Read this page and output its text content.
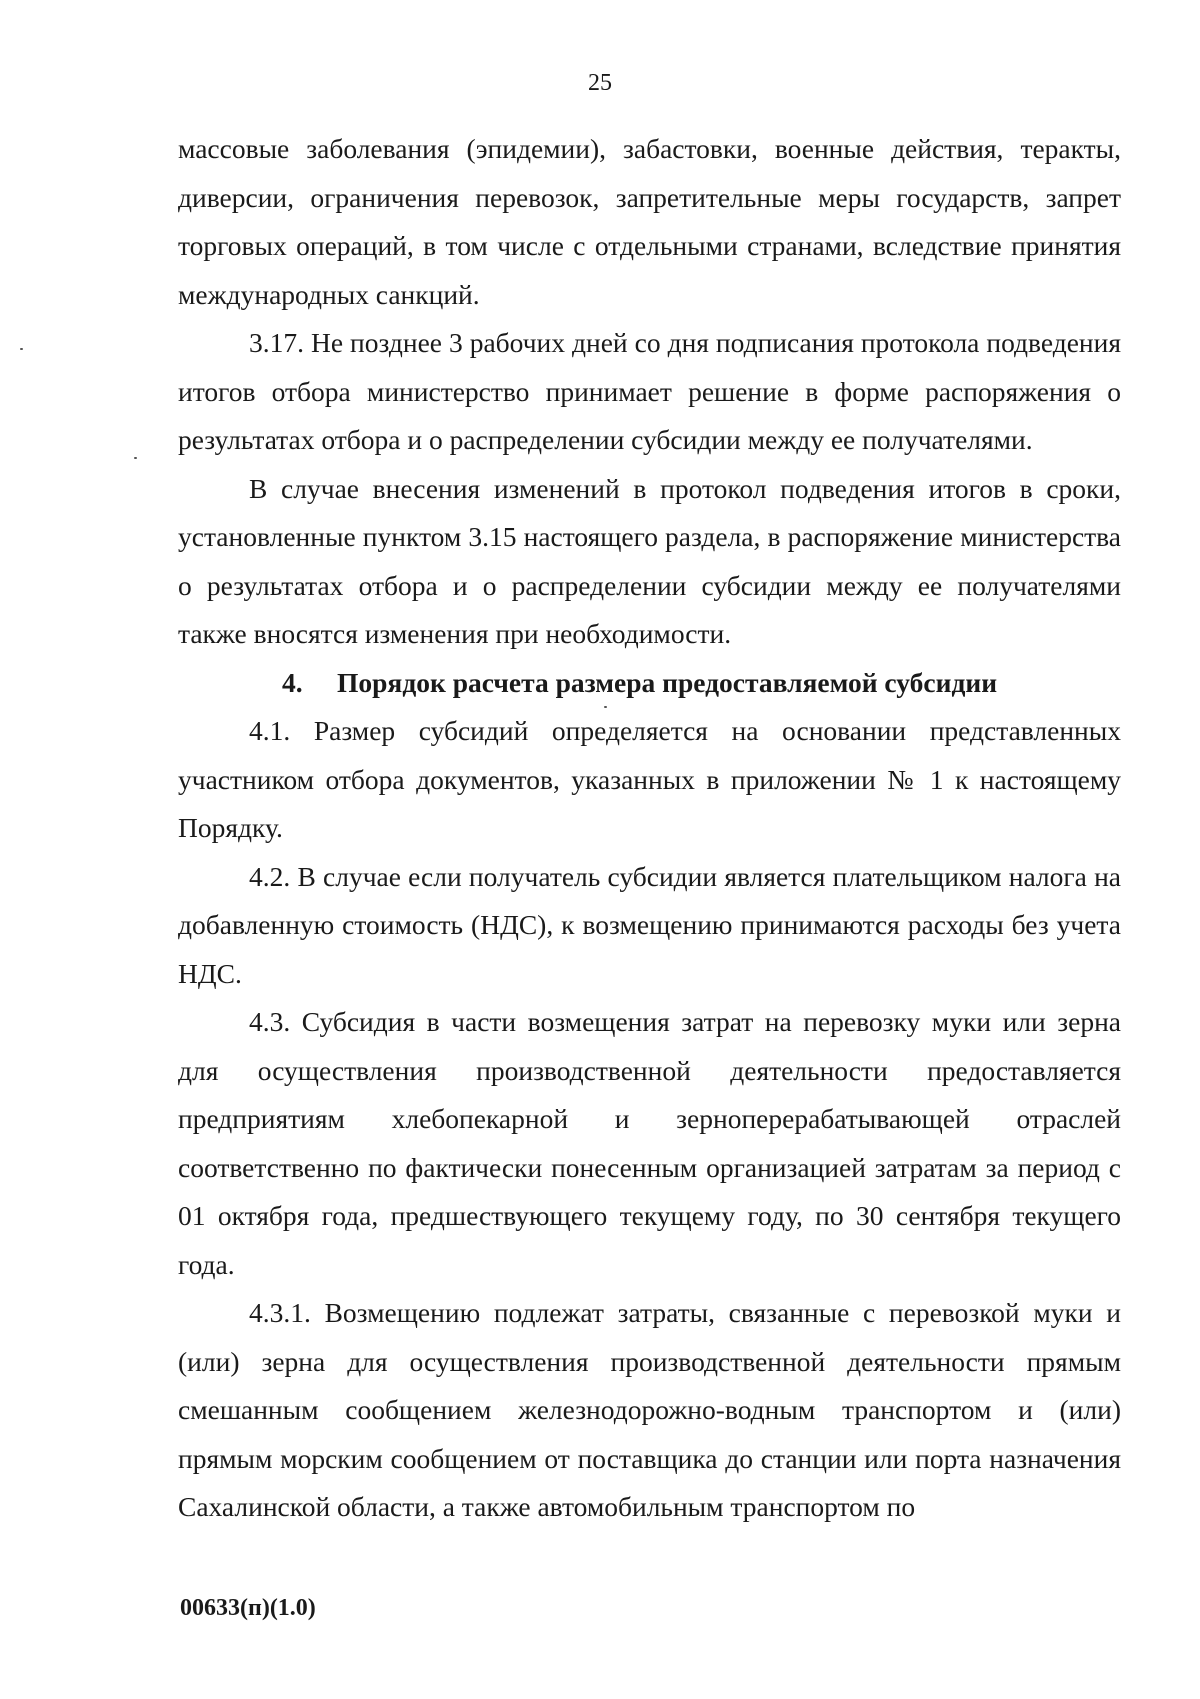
25

массовые заболевания (эпидемии), забастовки, военные действия, теракты, диверсии, ограничения перевозок, запретительные меры государств, запрет торговых операций, в том числе с отдельными странами, вследствие принятия международных санкций.

3.17. Не позднее 3 рабочих дней со дня подписания протокола подведения итогов отбора министерство принимает решение в форме распоряжения о результатах отбора и о распределении субсидии между ее получателями.

В случае внесения изменений в протокол подведения итогов в сроки, установленные пунктом 3.15 настоящего раздела, в распоряжение министерства о результатах отбора и о распределении субсидии между ее получателями также вносятся изменения при необходимости.

4. Порядок расчета размера предоставляемой субсидии

4.1. Размер субсидий определяется на основании представленных участником отбора документов, указанных в приложении № 1 к настоящему Порядку.

4.2. В случае если получатель субсидии является плательщиком налога на добавленную стоимость (НДС), к возмещению принимаются расходы без учета НДС.

4.3. Субсидия в части возмещения затрат на перевозку муки или зерна для осуществления производственной деятельности предоставляется предприятиям хлебопекарной и зерноперерабатывающей отраслей соответственно по фактически понесенным организацией затратам за период с 01 октября года, предшествующего текущему году, по 30 сентября текущего года.

4.3.1. Возмещению подлежат затраты, связанные с перевозкой муки и (или) зерна для осуществления производственной деятельности прямым смешанным сообщением железнодорожно-водным транспортом и (или) прямым морским сообщением от поставщика до станции или порта назначения Сахалинской области, а также автомобильным транспортом по

00633(п)(1.0)
